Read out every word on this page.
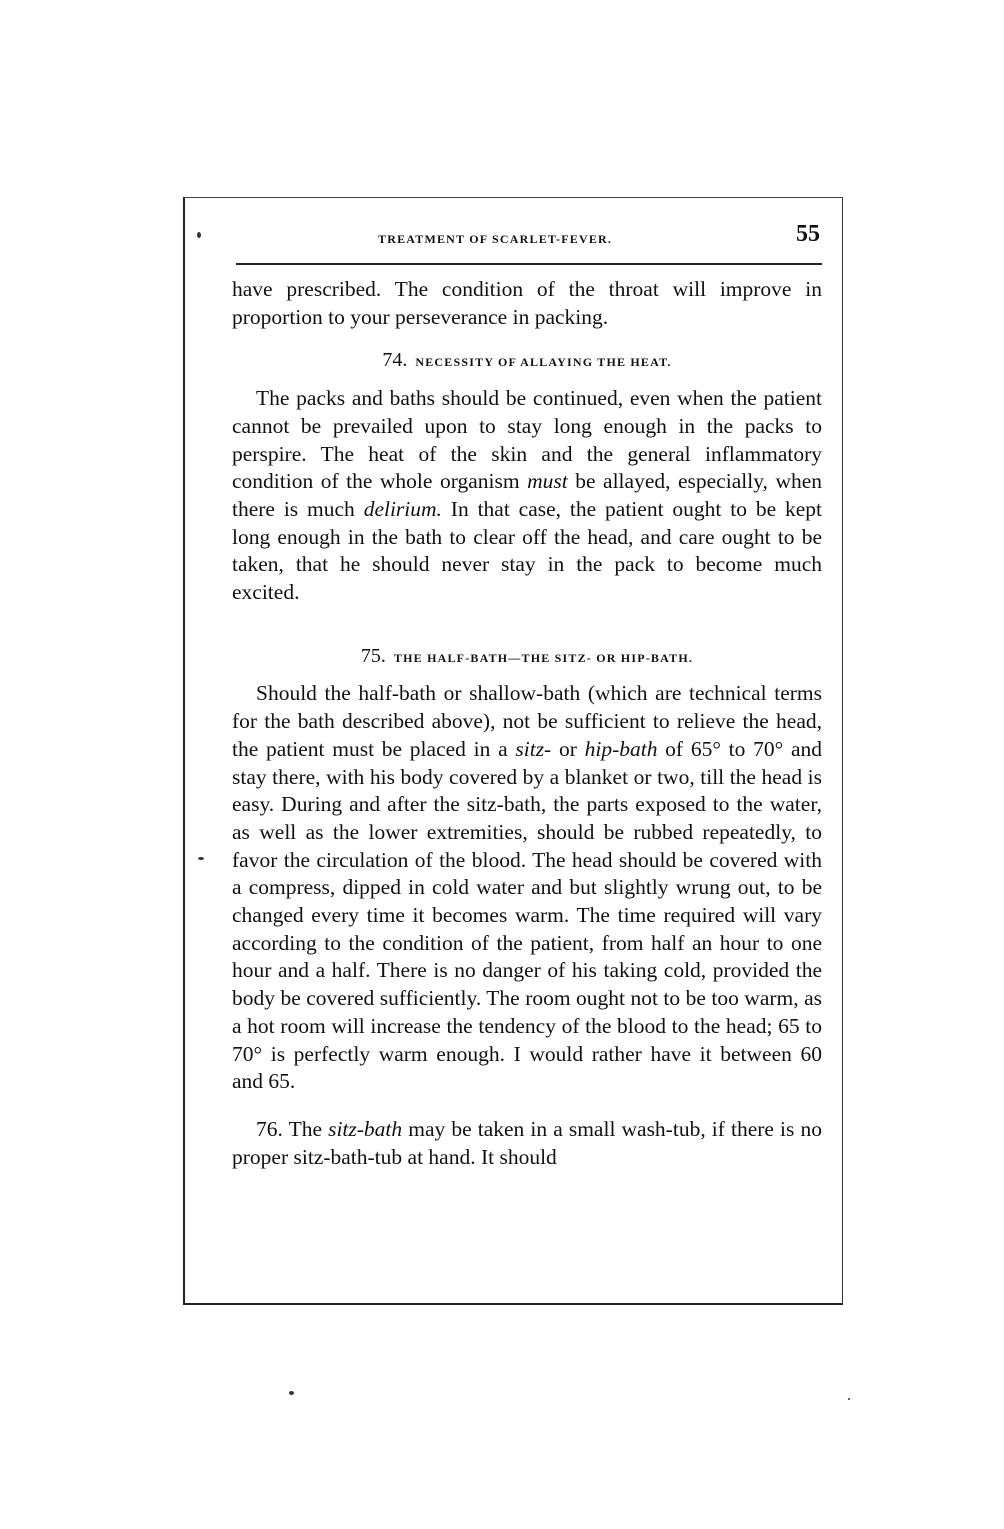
TREATMENT OF SCARLET-FEVER.	55

have prescribed. The condition of the throat will improve in proportion to your perseverance in packing.

74. NECESSITY OF ALLAYING THE HEAT.

The packs and baths should be continued, even when the patient cannot be prevailed upon to stay long enough in the packs to perspire. The heat of the skin and the general inflammatory condition of the whole organism must be allayed, especially, when there is much delirium. In that case, the patient ought to be kept long enough in the bath to clear off the head, and care ought to be taken, that he should never stay in the pack to become much excited.

75. THE HALF-BATH—THE SITZ- OR HIP-BATH.

Should the half-bath or shallow-bath (which are technical terms for the bath described above), not be sufficient to relieve the head, the patient must be placed in a sitz- or hip-bath of 65° to 70° and stay there, with his body covered by a blanket or two, till the head is easy. During and after the sitz-bath, the parts exposed to the water, as well as the lower extremities, should be rubbed repeatedly, to favor the circulation of the blood. The head should be covered with a compress, dipped in cold water and but slightly wrung out, to be changed every time it becomes warm. The time required will vary according to the condition of the patient, from half an hour to one hour and a half. There is no danger of his taking cold, provided the body be covered sufficiently. The room ought not to be too warm, as a hot room will increase the tendency of the blood to the head; 65 to 70° is perfectly warm enough. I would rather have it between 60 and 65.

76. The sitz-bath may be taken in a small wash-tub, if there is no proper sitz-bath-tub at hand. It should
